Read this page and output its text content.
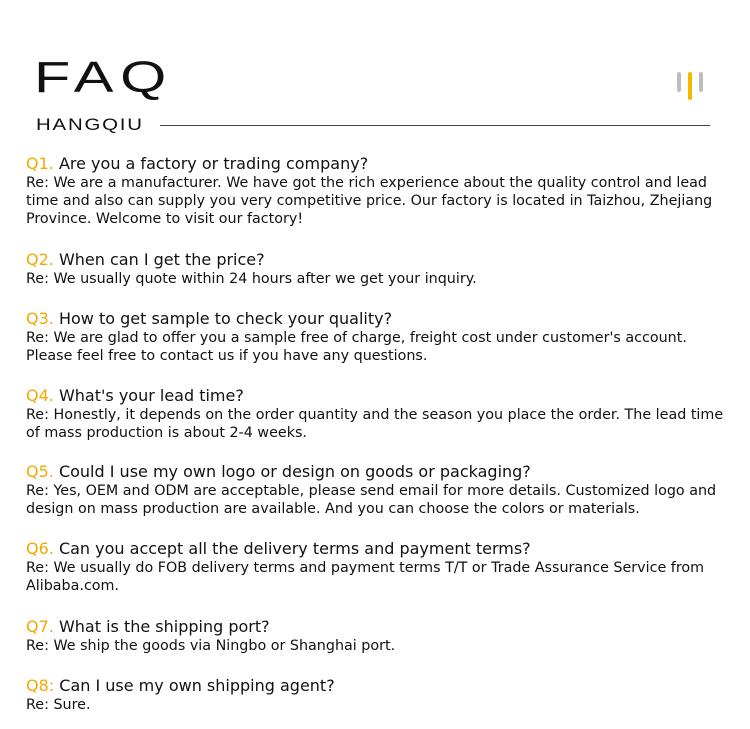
FAQ
HANGQIU
Q1. Are you a factory or trading company?
Re: We are a manufacturer. We have got the rich experience about the quality control and lead time and also can supply you very competitive price. Our factory is located in Taizhou, Zhejiang Province. Welcome to visit our factory!
Q2. When can I get the price?
Re: We usually quote within 24 hours after we get your inquiry.
Q3. How to get sample to check your quality?
Re: We are glad to offer you a sample free of charge, freight cost under customer's account. Please feel free to contact us if you have any questions.
Q4. What's your lead time?
Re: Honestly, it depends on the order quantity and the season you place the order. The lead time of mass production is about 2-4 weeks.
Q5. Could I use my own logo or design on goods or packaging?
Re: Yes, OEM and ODM are acceptable, please send email for more details. Customized logo and design on mass production are available. And you can choose the colors or materials.
Q6. Can you accept all the delivery terms and payment terms?
Re: We usually do FOB delivery terms and payment terms T/T or Trade Assurance Service from Alibaba.com.
Q7. What is the shipping port?
Re: We ship the goods via Ningbo or Shanghai port.
Q8: Can I use my own shipping agent?
Re: Sure.
